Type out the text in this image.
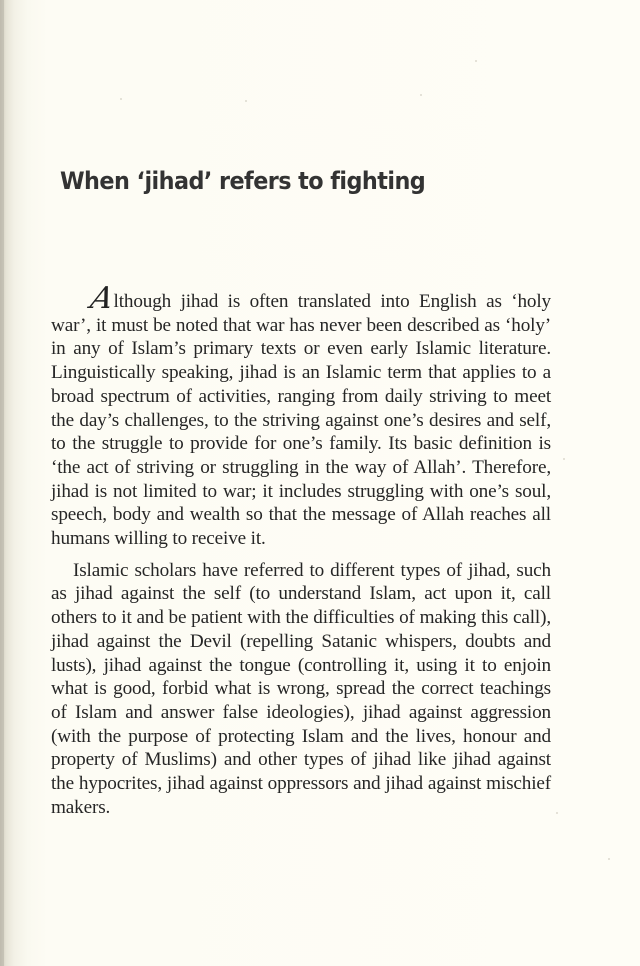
When ‘jihad’ refers to fighting

Although jihad is often translated into English as ‘holy war’, it must be noted that war has never been described as ‘holy’ in any of Islam’s primary texts or even early Islamic literature. Linguistically speaking, jihad is an Islamic term that applies to a broad spectrum of activities, ranging from daily striving to meet the day’s challenges, to the striving against one’s desires and self, to the struggle to provide for one’s family. Its basic definition is ‘the act of striving or struggling in the way of Allah’. Therefore, jihad is not limited to war; it includes struggling with one’s soul, speech, body and wealth so that the message of Allah reaches all humans willing to receive it.

Islamic scholars have referred to different types of jihad, such as jihad against the self (to understand Islam, act upon it, call others to it and be patient with the difficulties of making this call), jihad against the Devil (repelling Satanic whispers, doubts and lusts), jihad against the tongue (controlling it, using it to enjoin what is good, forbid what is wrong, spread the correct teachings of Islam and answer false ideologies), jihad against aggression (with the purpose of protecting Islam and the lives, honour and property of Muslims) and other types of jihad like jihad against the hypocrites, jihad against oppressors and jihad against mischief makers.
